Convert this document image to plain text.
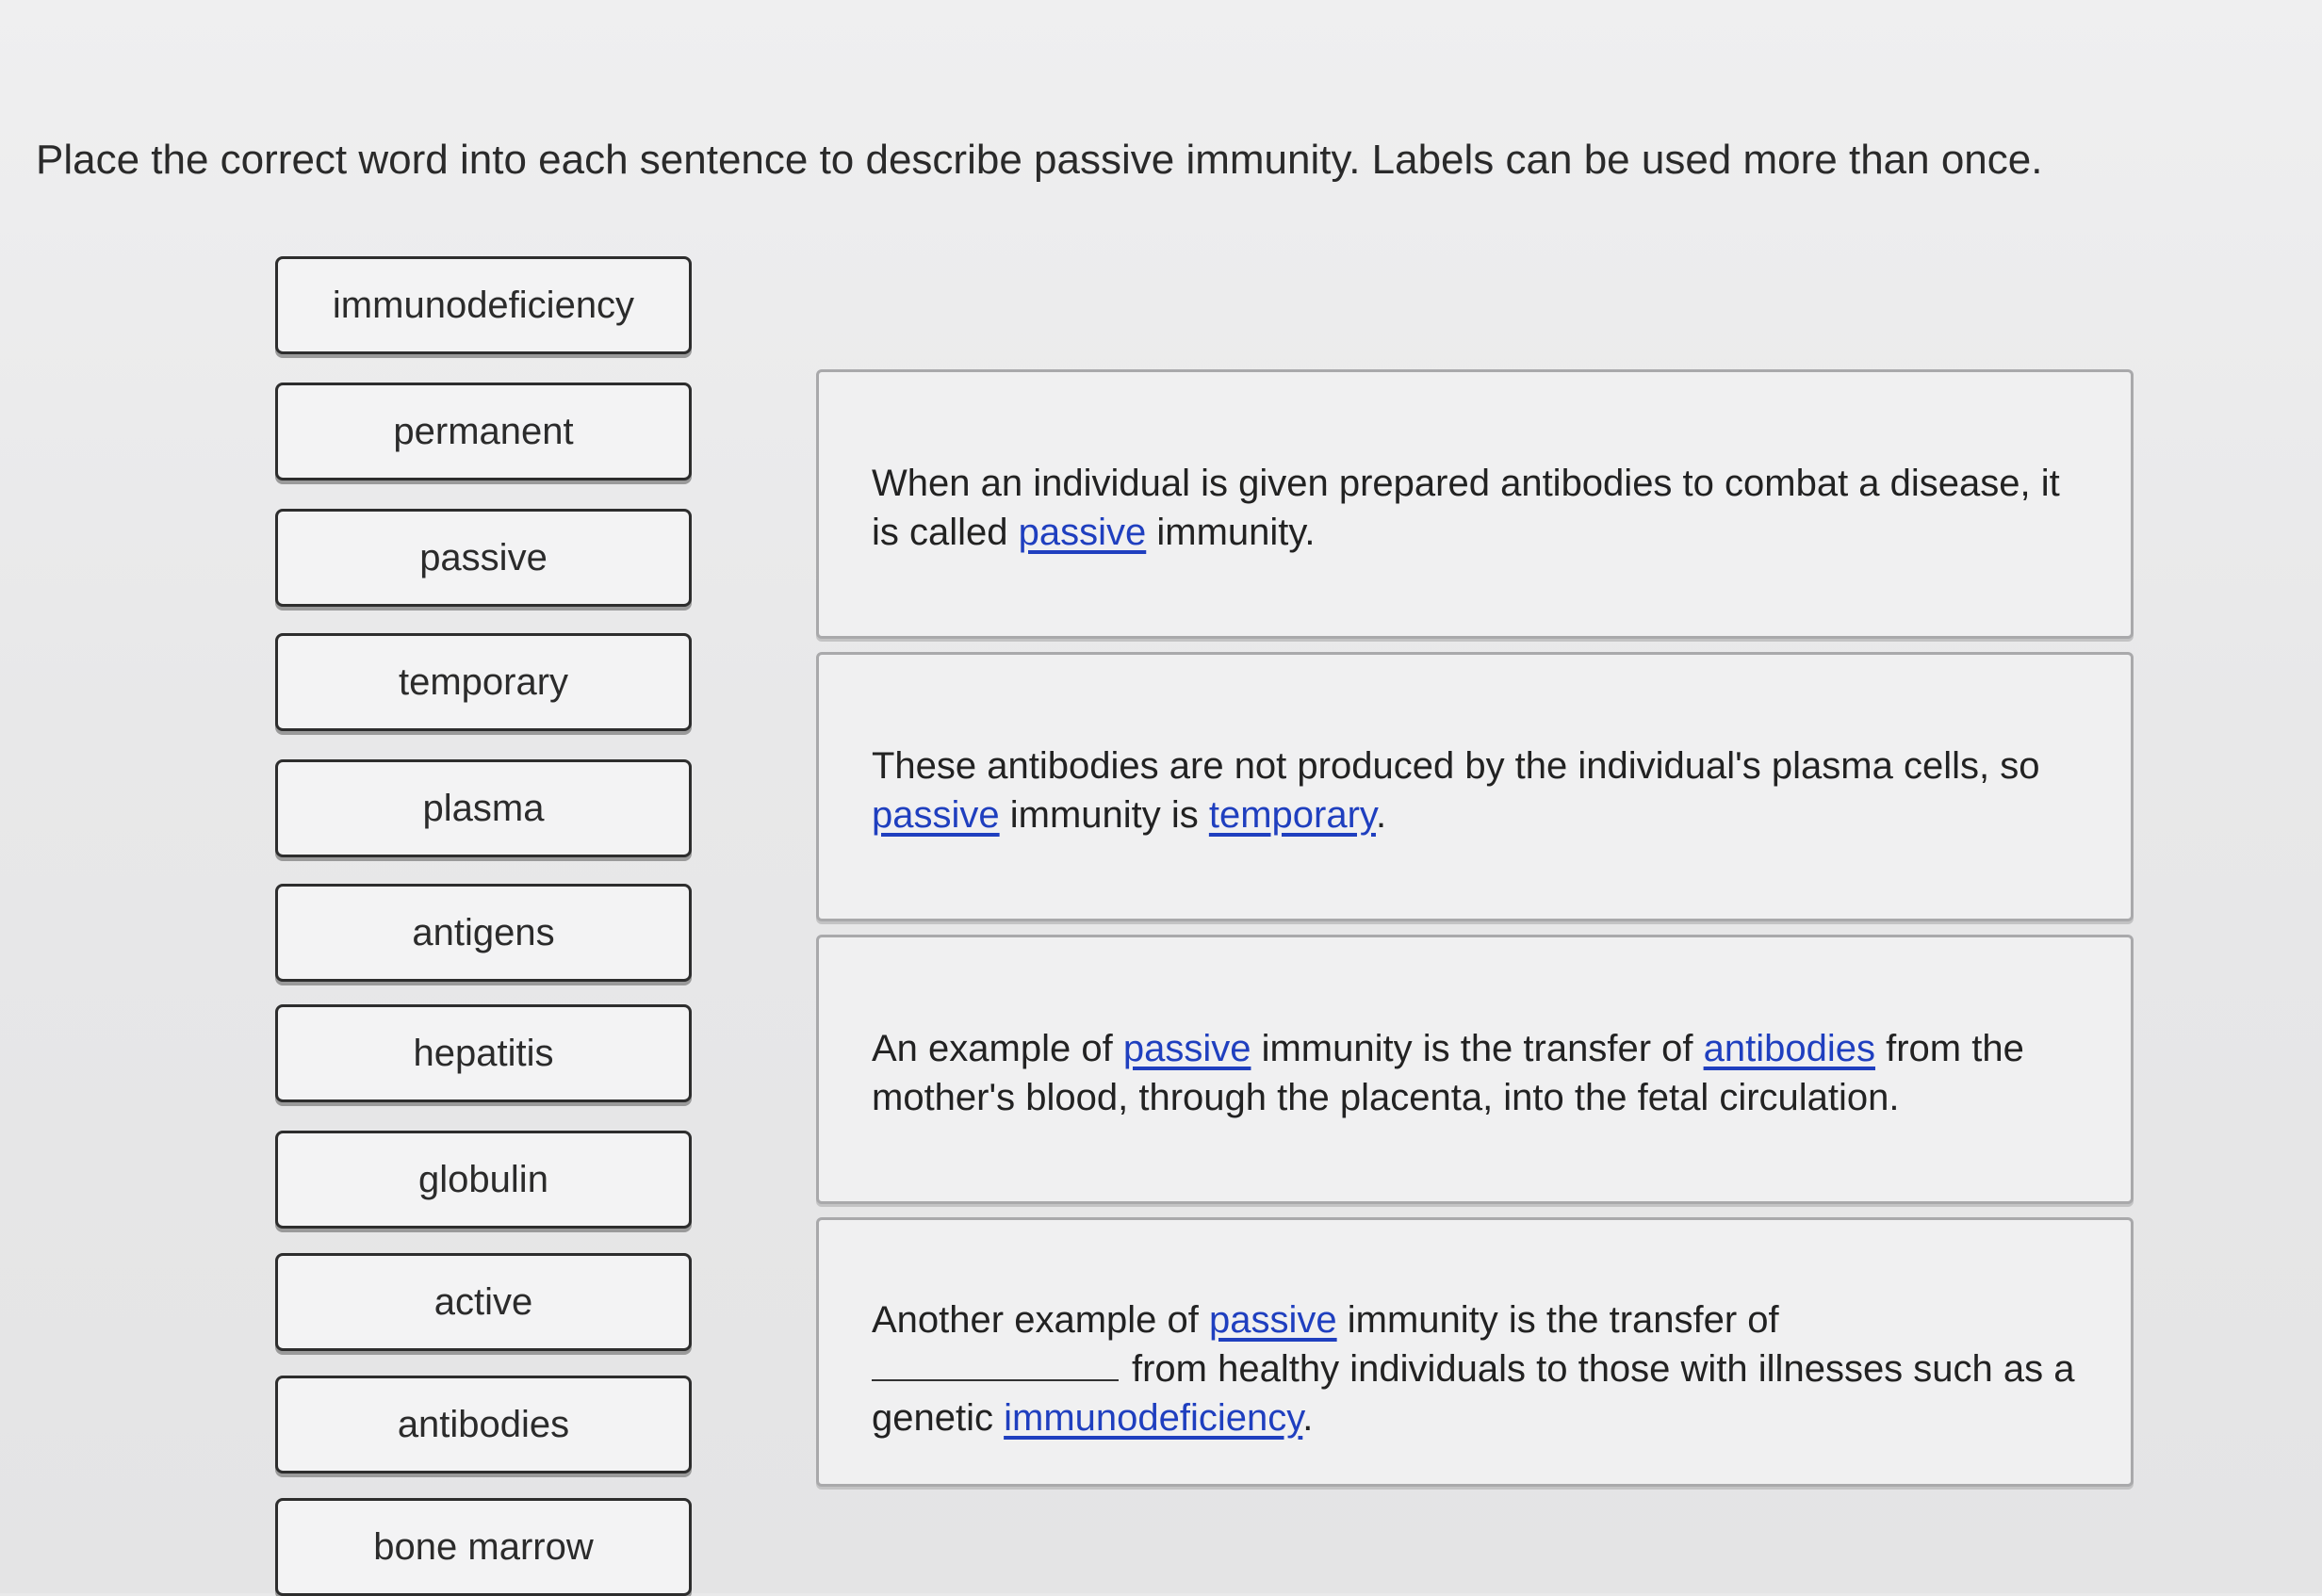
Place the correct word into each sentence to describe passive immunity. Labels can be used more than once.
immunodeficiency
permanent
passive
temporary
plasma
antigens
hepatitis
globulin
active
antibodies
bone marrow
When an individual is given prepared antibodies to combat a disease, it is called passive immunity.
These antibodies are not produced by the individual's plasma cells, so passive immunity is temporary.
An example of passive immunity is the transfer of antibodies from the mother's blood, through the placenta, into the fetal circulation.
Another example of passive immunity is the transfer of
from healthy individuals to those with illnesses such as a genetic immunodeficiency.
